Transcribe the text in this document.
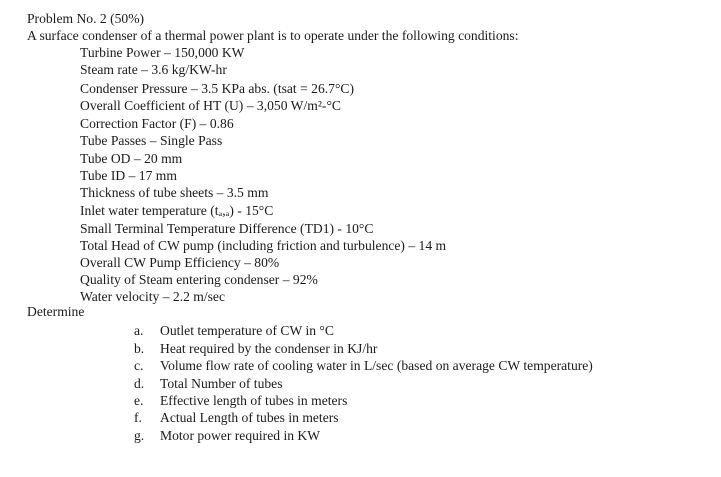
Problem No. 2 (50%)
A surface condenser of a thermal power plant is to operate under the following conditions:
Turbine Power – 150,000 KW
Steam rate – 3.6 kg/KW-hr
Condenser Pressure – 3.5 KPa abs. (tsat = 26.7°C)
Overall Coefficient of HT (U) – 3,050 W/m²-°C
Correction Factor (F) – 0.86
Tube Passes – Single Pass
Tube OD – 20 mm
Tube ID – 17 mm
Thickness of tube sheets – 3.5 mm
Inlet water temperature (tₐ,ₐ) - 15°C
Small Terminal Temperature Difference (TD1) - 10°C
Total Head of CW pump (including friction and turbulence) – 14 m
Overall CW Pump Efficiency – 80%
Quality of Steam entering condenser – 92%
Water velocity – 2.2 m/sec
Determine
a. Outlet temperature of CW in °C
b. Heat required by the condenser in KJ/hr
c. Volume flow rate of cooling water in L/sec (based on average CW temperature)
d. Total Number of tubes
e. Effective length of tubes in meters
f. Actual Length of tubes in meters
g. Motor power required in KW
